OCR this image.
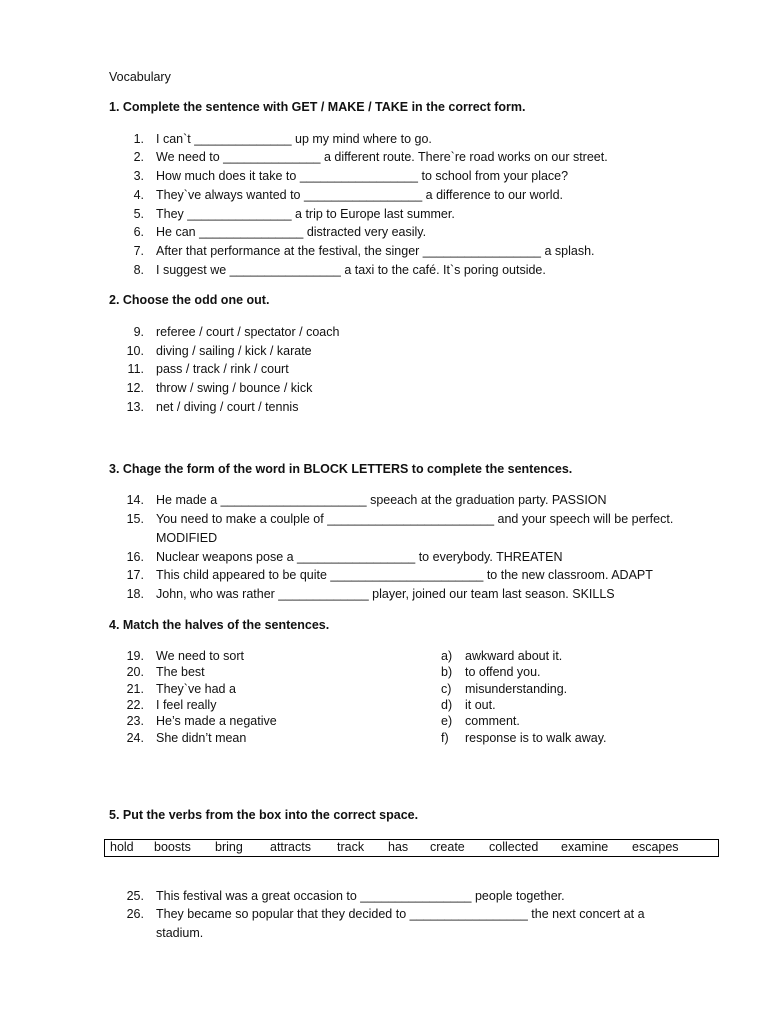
Vocabulary
1. Complete the sentence with GET / MAKE / TAKE in the correct form.
1. I can`t ______________ up my mind where to go.
2. We need to ______________ a different route. There`re road works on our street.
3. How much does it take to _________________ to school from your place?
4. They`ve always wanted to _________________ a difference to our world.
5. They _______________ a trip to Europe last summer.
6. He can _______________ distracted very easily.
7. After that performance at the festival, the singer _________________ a splash.
8. I suggest we ________________ a taxi to the café. It`s poring outside.
2. Choose the odd one out.
9. referee / court / spectator / coach
10. diving / sailing / kick / karate
11. pass / track / rink / court
12. throw / swing / bounce / kick
13. net / diving / court / tennis
3. Chage the form of the word in BLOCK LETTERS to complete the sentences.
14. He made a _____________________ speeach at the graduation party. PASSION
15. You need to make a coulple of ________________________ and your speech will be perfect.
MODIFIED
16. Nuclear weapons pose a _________________ to everybody. THREATEN
17. This child appeared to be quite ______________________ to the new classroom. ADAPT
18. John, who was rather _____________ player, joined our team last season. SKILLS
4. Match the halves of the sentences.
19. We need to sort
20. The best
21. They`ve had a
22. I feel really
23. He’s made a negative
24. She didn’t mean
a) awkward about it.
b) to offend you.
c) misunderstanding.
d) it out.
e) comment.
f) response is to walk away.
5. Put the verbs from the box into the correct space.
hold boosts bring attracts track has create collected examine escapes
25. This festival was a great occasion to ________________ people together.
26. They became so popular that they decided to _________________ the next concert at a
stadium.
